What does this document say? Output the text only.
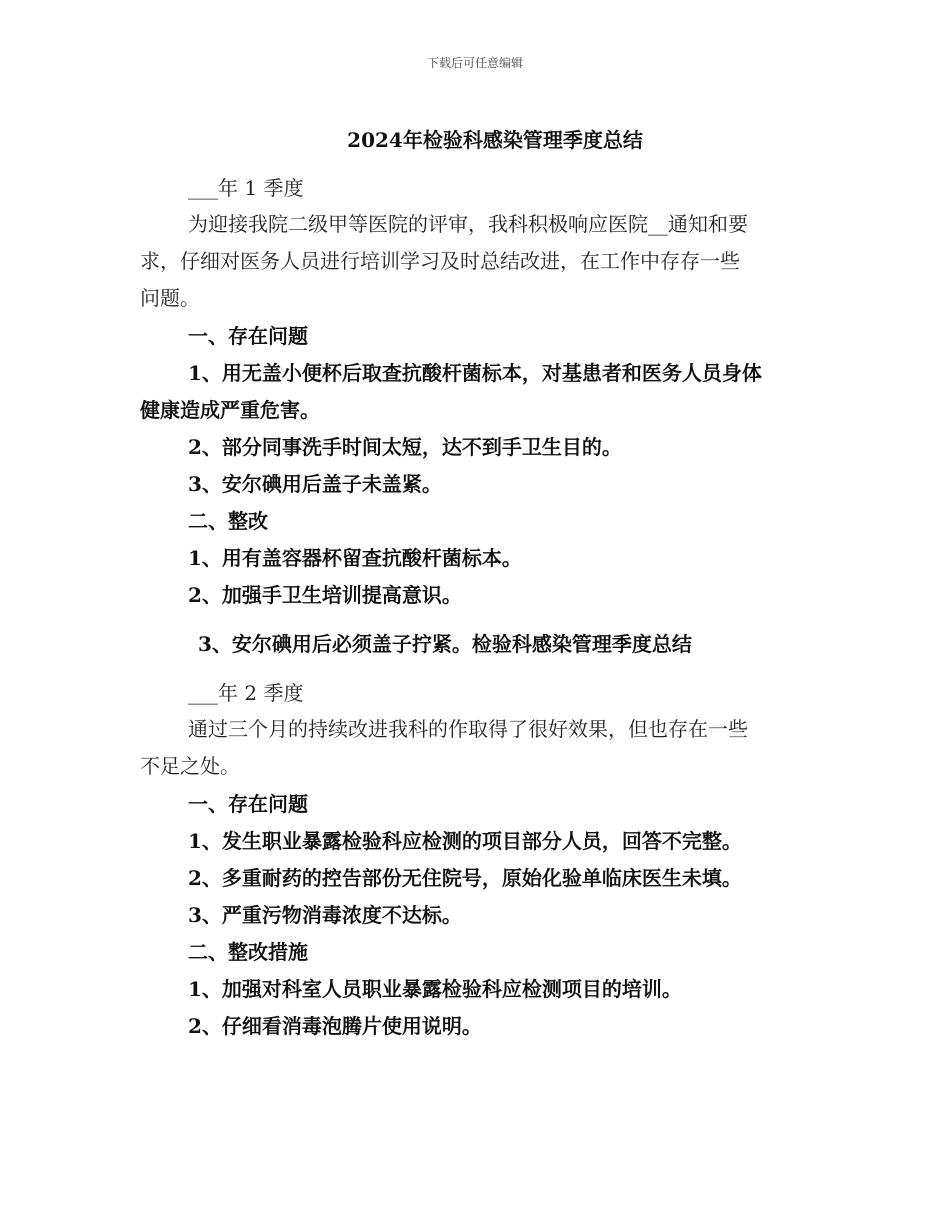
下载后可任意编辑
2024年检验科感染管理季度总结

___年 1 季度

为迎接我院二级甲等医院的评审，我科积极响应医院__通知和要

求，仔细对医务人员进行培训学习及时总结改进，在工作中存存一些

问题。

一、存在问题

1、用无盖小便杯后取查抗酸杆菌标本，对基患者和医务人员身体

健康造成严重危害。

2、部分同事洗手时间太短，达不到手卫生目的。

3、安尔碘用后盖子未盖紧。

二、整改

1、用有盖容器杯留查抗酸杆菌标本。

2、加强手卫生培训提高意识。

3、安尔碘用后必须盖子拧紧。检验科感染管理季度总结

___年 2 季度

通过三个月的持续改进我科的作取得了很好效果，但也存在一些

不足之处。

一、存在问题

1、发生职业暴露检验科应检测的项目部分人员，回答不完整。

2、多重耐药的控告部份无住院号，原始化验单临床医生未填。

3、严重污物消毒浓度不达标。

二、整改措施

1、加强对科室人员职业暴露检验科应检测项目的培训。

2、仔细看消毒泡腾片使用说明。
